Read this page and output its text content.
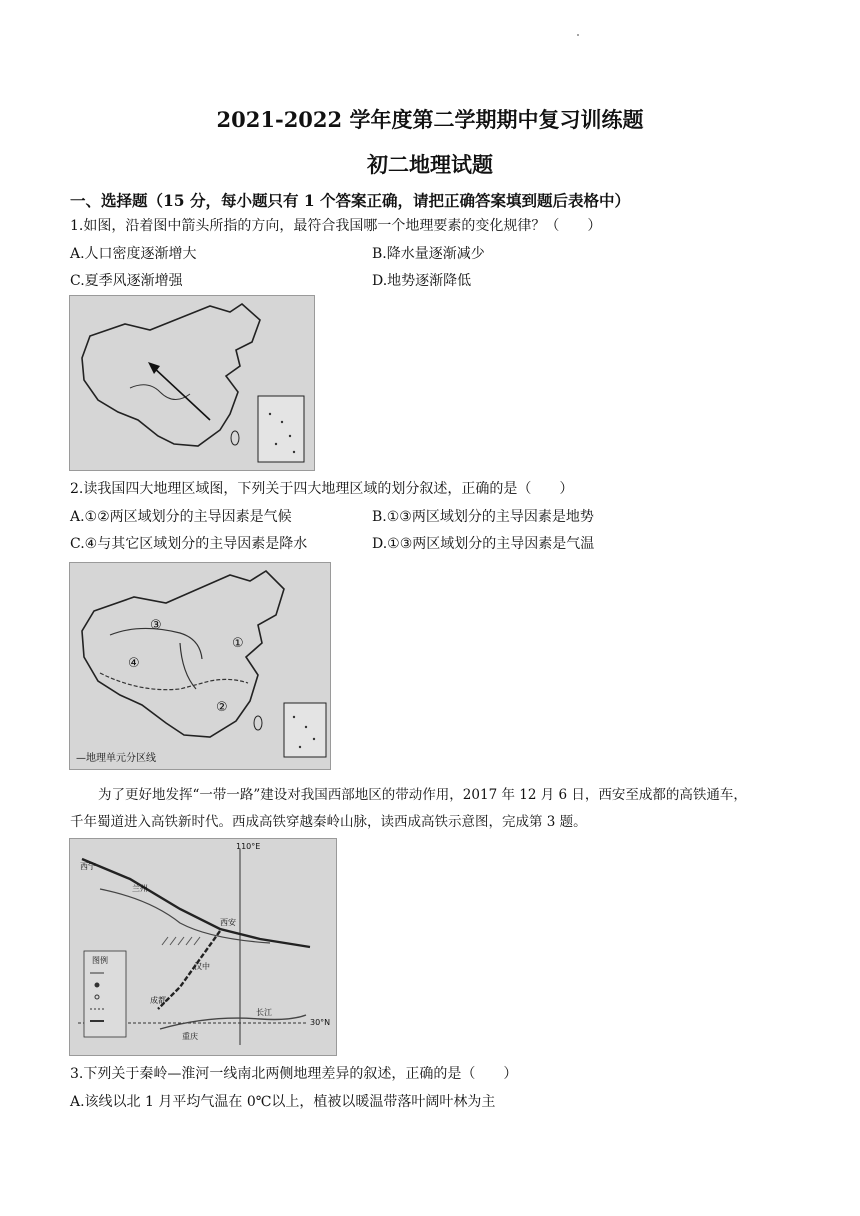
2021-2022 学年度第二学期期中复习训练题
初二地理试题
一、选择题（15 分，每小题只有 1 个答案正确，请把正确答案填到题后表格中）
1.如图，沿着图中箭头所指的方向，最符合我国哪一个地理要素的变化规律？（　　）
A.人口密度逐渐增大	B.降水量逐渐减少
C.夏季风逐渐增强	D.地势逐渐降低
2.读我国四大地理区域图，下列关于四大地理区域的划分叙述，正确的是（　　）
A.①②两区域划分的主导因素是气候	B.①③两区域划分的主导因素是地势
C.④与其它区域划分的主导因素是降水	D.①③两区域划分的主导因素是气温
③
④
①
②
—地理单元分区线
为了更好地发挥“一带一路”建设对我国西部地区的带动作用，2017 年 12 月 6 日，西安至成都的高铁通车，
千年蜀道进入高铁新时代。西成高铁穿越秦岭山脉，读西成高铁示意图，完成第 3 题。
110°E
30°N
西宁
兰州
西安
汉中
成都
重庆
长江
图例
3.下列关于秦岭—淮河一线南北两侧地理差异的叙述，正确的是（　　）
A.该线以北 1 月平均气温在 0℃以上，植被以暖温带落叶阔叶林为主
